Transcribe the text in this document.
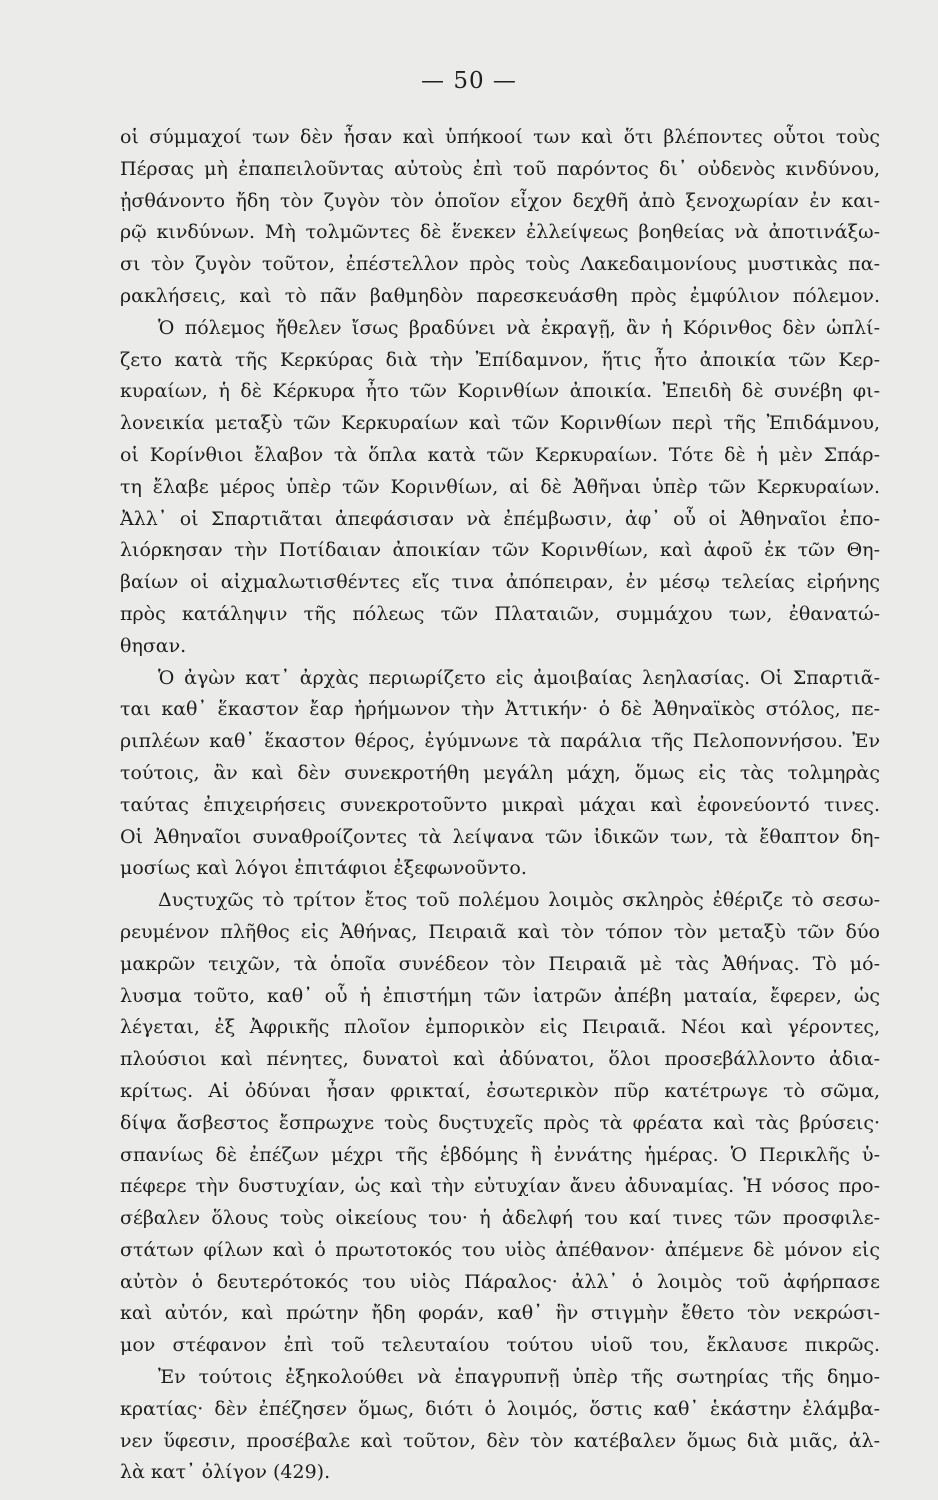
— 50 —
οἱ σύμμαχοί των δὲν ἦσαν καὶ ὑπήκοοί των καὶ ὅτι βλέποντες οὗτοι τοὺς
Πέρσας μὴ ἐπαπειλοῦντας αὐτοὺς ἐπὶ τοῦ παρόντος δι᾿ οὐδενὸς κινδύνου,
ᾐσθάνοντο ἤδη τὸν ζυγὸν τὸν ὁποῖον εἶχον δεχθῆ ἀπὸ ξενοχωρίαν ἐν και-
ρῷ κινδύνων. Μὴ τολμῶντες δὲ ἕνεκεν ἐλλείψεως βοηθείας νὰ ἀποτινάξω-
σι τὸν ζυγὸν τοῦτον, ἐπέστελλον πρὸς τοὺς Λακεδαιμονίους μυστικὰς πα-
ρακλήσεις, καὶ τὸ πᾶν βαθμηδὸν παρεσκευάσθη πρὸς ἐμφύλιον πόλεμον.
Ὁ πόλεμος ἤθελεν ἴσως βραδύνει νὰ ἐκραγῇ, ἂν ἡ Κόρινθος δὲν ὡπλί-
ζετο κατὰ τῆς Κερκύρας διὰ τὴν Ἐπίδαμνον, ἥτις ἦτο ἀποικία τῶν Κερ-
κυραίων, ἡ δὲ Κέρκυρα ἦτο τῶν Κορινθίων ἀποικία. Ἐπειδὴ δὲ συνέβη φι-
λονεικία μεταξὺ τῶν Κερκυραίων καὶ τῶν Κορινθίων περὶ τῆς Ἐπιδάμνου,
οἱ Κορίνθιοι ἔλαβον τὰ ὅπλα κατὰ τῶν Κερκυραίων. Τότε δὲ ἡ μὲν Σπάρ-
τη ἔλαβε μέρος ὑπὲρ τῶν Κορινθίων, αἱ δὲ Ἀθῆναι ὑπὲρ τῶν Κερκυραίων.
Ἀλλ᾿ οἱ Σπαρτιᾶται ἀπεφάσισαν νὰ ἐπέμβωσιν, ἀφ᾿ οὗ οἱ Ἀθηναῖοι ἐπο-
λιόρκησαν τὴν Ποτίδαιαν ἀποικίαν τῶν Κορινθίων, καὶ ἀφοῦ ἐκ τῶν Θη-
βαίων οἱ αἰχμαλωτισθέντες εἴς τινα ἀπόπειραν, ἐν μέσῳ τελείας εἰρήνης
πρὸς κατάληψιν τῆς πόλεως τῶν Πλαταιῶν, συμμάχου των, ἐθανατώ-
θησαν.
Ὁ ἀγὼν κατ᾿ ἀρχὰς περιωρίζετο εἰς ἀμοιβαίας λεηλασίας. Οἱ Σπαρτιᾶ-
ται καθ᾿ ἕκαστον ἔαρ ἠρήμωνον τὴν Ἀττικήν· ὁ δὲ Ἀθηναϊκὸς στόλος, πε-
ριπλέων καθ᾿ ἕκαστον θέρος, ἐγύμνωνε τὰ παράλια τῆς Πελοποννήσου. Ἐν
τούτοις, ἂν καὶ δὲν συνεκροτήθη μεγάλη μάχη, ὅμως εἰς τὰς τολμηρὰς
ταύτας ἐπιχειρήσεις συνεκροτοῦντο μικραὶ μάχαι καὶ ἐφονεύοντό τινες.
Οἱ Ἀθηναῖοι συναθροίζοντες τὰ λείψανα τῶν ἰδικῶν των, τὰ ἔθαπτον δη-
μοσίως καὶ λόγοι ἐπιτάφιοι ἐξεφωνοῦντο.
Δυςτυχῶς τὸ τρίτον ἔτος τοῦ πολέμου λοιμὸς σκληρὸς ἐθέριζε τὸ σεσω-
ρευμένον πλῆθος εἰς Ἀθήνας, Πειραιᾶ καὶ τὸν τόπον τὸν μεταξὺ τῶν δύο
μακρῶν τειχῶν, τὰ ὁποῖα συνέδεον τὸν Πειραιᾶ μὲ τὰς Ἀθήνας. Τὸ μό-
λυσμα τοῦτο, καθ᾿ οὗ ἡ ἐπιστήμη τῶν ἰατρῶν ἀπέβη ματαία, ἔφερεν, ὡς
λέγεται, ἐξ Ἀφρικῆς πλοῖον ἐμπορικὸν εἰς Πειραιᾶ. Νέοι καὶ γέροντες,
πλούσιοι καὶ πένητες, δυνατοὶ καὶ ἀδύνατοι, ὅλοι προσεβάλλοντο ἀδια-
κρίτως. Αἱ ὀδύναι ἦσαν φρικταί, ἐσωτερικὸν πῦρ κατέτρωγε τὸ σῶμα,
δίψα ἄσβεστος ἔσπρωχνε τοὺς δυςτυχεῖς πρὸς τὰ φρέατα καὶ τὰς βρύσεις·
σπανίως δὲ ἐπέζων μέχρι τῆς ἑβδόμης ἢ ἐννάτης ἡμέρας. Ὁ Περικλῆς ὑ-
πέφερε τὴν δυστυχίαν, ὡς καὶ τὴν εὐτυχίαν ἄνευ ἀδυναμίας. Ἡ νόσος προ-
σέβαλεν ὅλους τοὺς οἰκείους του· ἡ ἀδελφή του καί τινες τῶν προσφιλε-
στάτων φίλων καὶ ὁ πρωτοτοκός του υἱὸς ἀπέθανον· ἀπέμενε δὲ μόνον εἰς
αὐτὸν ὁ δευτερότοκός του υἱὸς Πάραλος· ἀλλ᾿ ὁ λοιμὸς τοῦ ἀφήρπασε
καὶ αὐτόν, καὶ πρώτην ἤδη φοράν, καθ᾿ ἣν στιγμὴν ἔθετο τὸν νεκρώσι-
μον στέφανον ἐπὶ τοῦ τελευταίου τούτου υἱοῦ του, ἔκλαυσε πικρῶς.
Ἐν τούτοις ἐξηκολούθει νὰ ἐπαγρυπνῇ ὑπὲρ τῆς σωτηρίας τῆς δημο-
κρατίας· δὲν ἐπέζησεν ὅμως, διότι ὁ λοιμός, ὅστις καθ᾿ ἑκάστην ἐλάμβα-
νεν ὕφεσιν, προσέβαλε καὶ τοῦτον, δὲν τὸν κατέβαλεν ὅμως διὰ μιᾶς, ἀλ-
λὰ κατ᾿ ὀλίγον (429).
